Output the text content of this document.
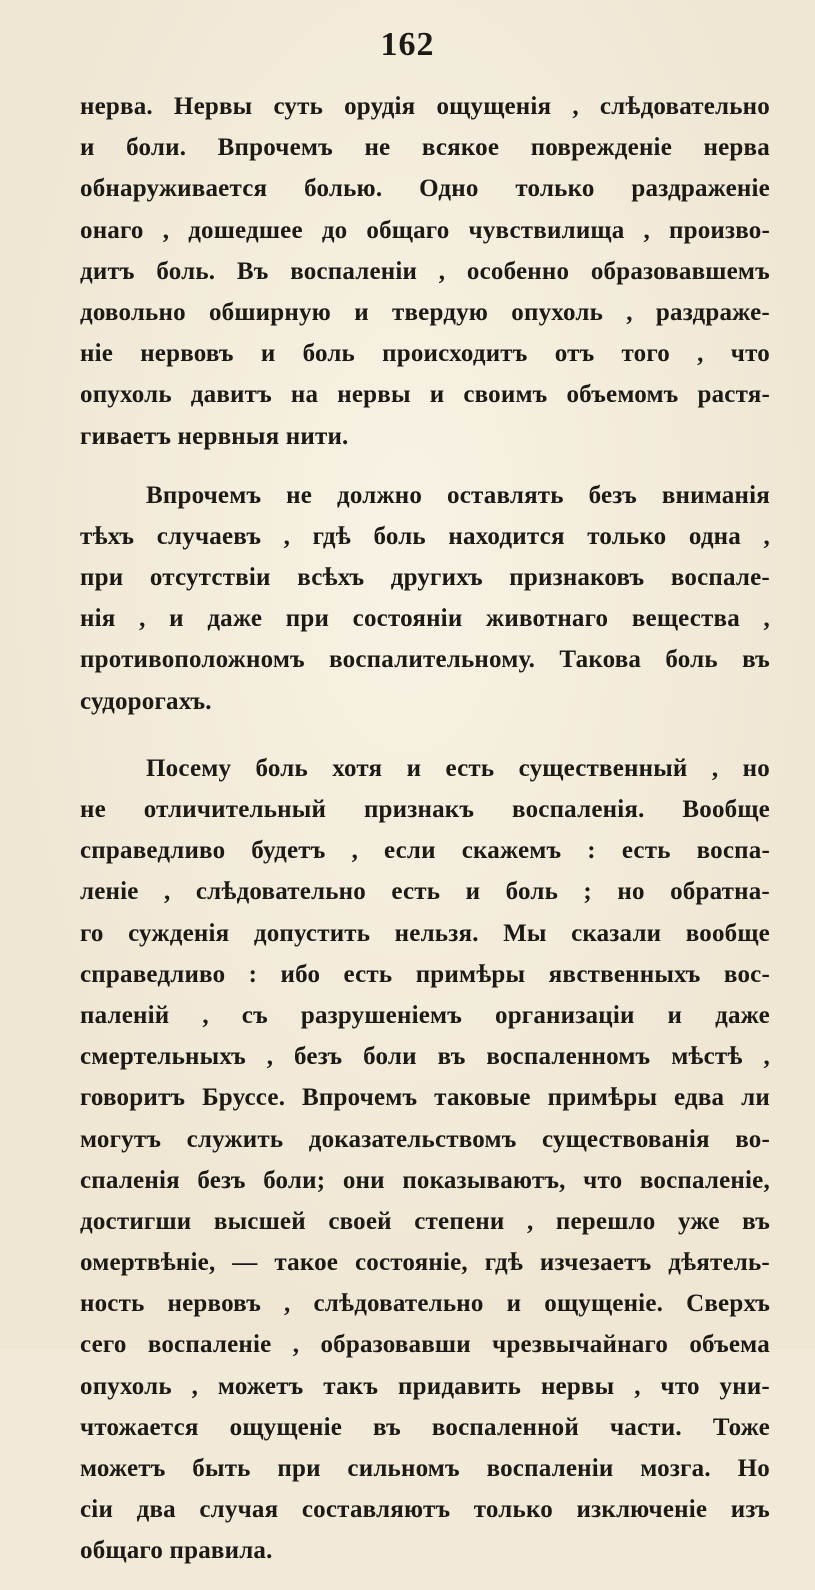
162
нерва. Нервы суть орудія ощущенія , слѣдовательно
и боли. Впрочемъ не всякое поврежденіе нерва
обнаруживается болью. Одно только раздраженіе
онаго , дошедшее до общаго чувствилища , произво-
дитъ боль. Въ воспаленіи , особенно образовавшемъ
довольно обширную и твердую опухоль , раздраже-
ніе нервовъ и боль происходитъ отъ того , что
опухоль давитъ на нервы и своимъ объемомъ растя-
гиваетъ нервныя нити.
Впрочемъ не должно оставлять безъ вниманія
тѣхъ случаевъ , гдѣ боль находится только одна ,
при отсутствіи всѣхъ другихъ признаковъ воспале-
нія , и даже при состояніи животнаго вещества ,
противоположномъ воспалительному. Такова боль въ
судорогахъ.
Посему боль хотя и есть существенный , но
не отличительный признакъ воспаленія. Вообще
справедливо будетъ , если скажемъ : есть воспа-
леніе , слѣдовательно есть и боль ; но обратна-
го сужденія допустить нельзя. Мы сказали вообще
справедливо : ибо есть примѣры явственныхъ вос-
паленій , съ разрушеніемъ организаціи и даже
смертельныхъ , безъ боли въ воспаленномъ мѣстѣ ,
говоритъ Бруссе. Впрочемъ таковые примѣры едва ли
могутъ служить доказательствомъ существованія во-
спаленія безъ боли; они показываютъ, что воспаленіе,
достигши высшей своей степени , перешло уже въ
омертвѣніе, — такое состояніе, гдѣ изчезаетъ дѣятель-
ность нервовъ , слѣдовательно и ощущеніе. Сверхъ
сего воспаленіе , образовавши чрезвычайнаго объема
опухоль , можетъ такъ придавить нервы , что уни-
чтожается ощущеніе въ воспаленной части. Тоже
можетъ быть при сильномъ воспаленіи мозга. Но
сіи два случая составляютъ только изключеніе изъ
общаго правила.
